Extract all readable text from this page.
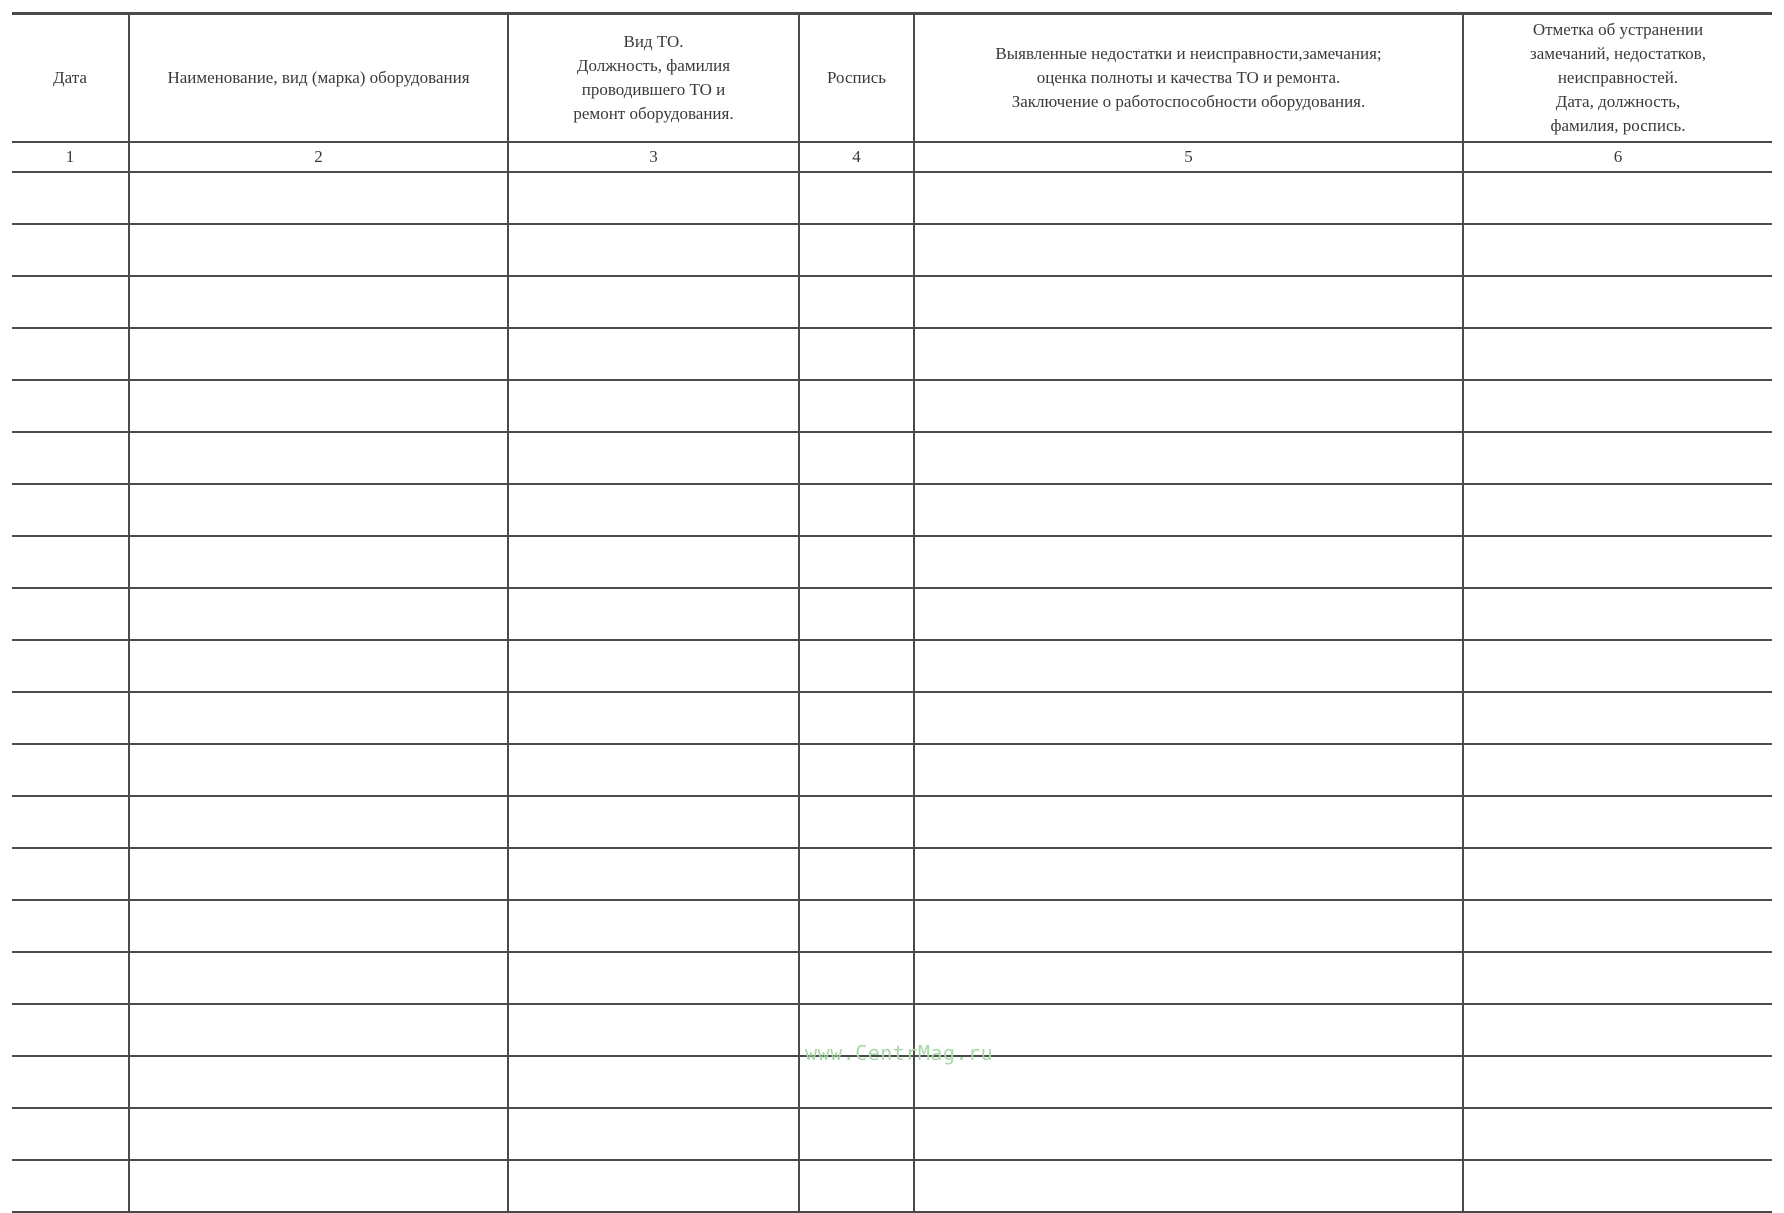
Дата	Наименование, вид (марка) оборудования	Вид ТО.
Должность, фамилия
проводившего ТО и
ремонт оборудования.	Роспись	Выявленные недостатки и неисправности,замечания;
оценка полноты и качества ТО и ремонта.
Заключение о работоспособности оборудования.	Отметка об устранении
замечаний, недостатков,
неисправностей.
Дата, должность,
фамилия, роспись.
1	2	3	4	5	6

www.CentrMag.ru
